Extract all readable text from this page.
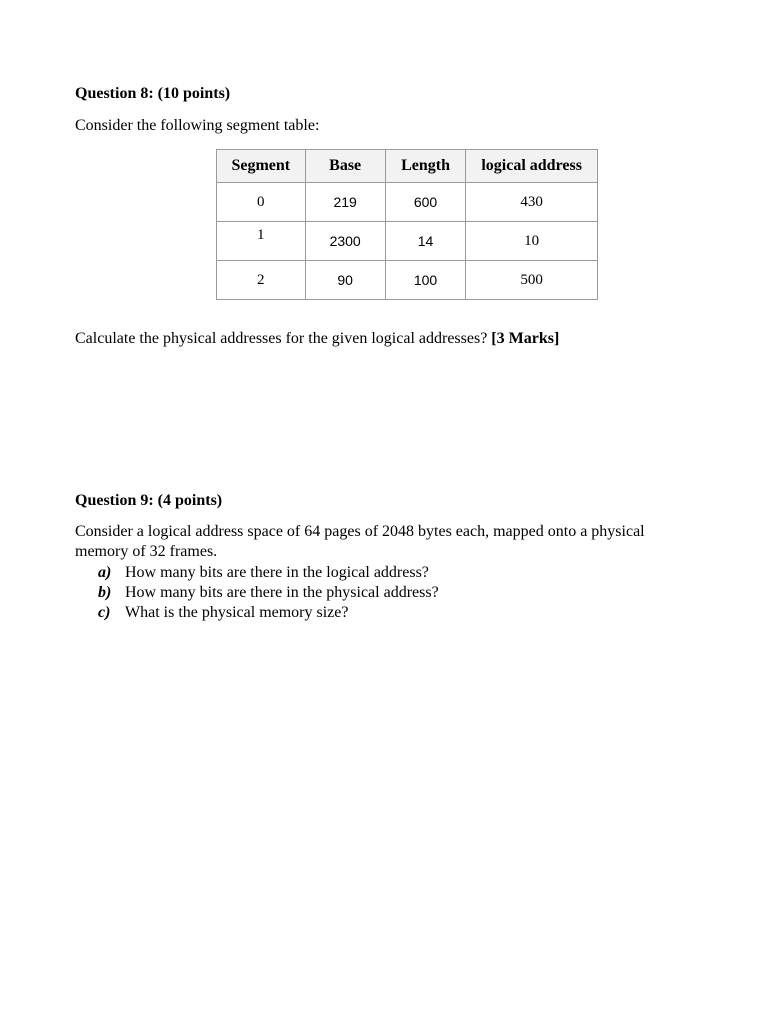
Question 8: (10 points)
Consider the following segment table:
Segment	Base	Length	logical address
0	219	600	430
1	2300	14	10
2	90	100	500
Calculate the physical addresses for the given logical addresses? [3 Marks]
Question 9: (4 points)
Consider a logical address space of 64 pages of 2048 bytes each, mapped onto a physical
memory of 32 frames.
a) How many bits are there in the logical address?
b) How many bits are there in the physical address?
c) What is the physical memory size?
